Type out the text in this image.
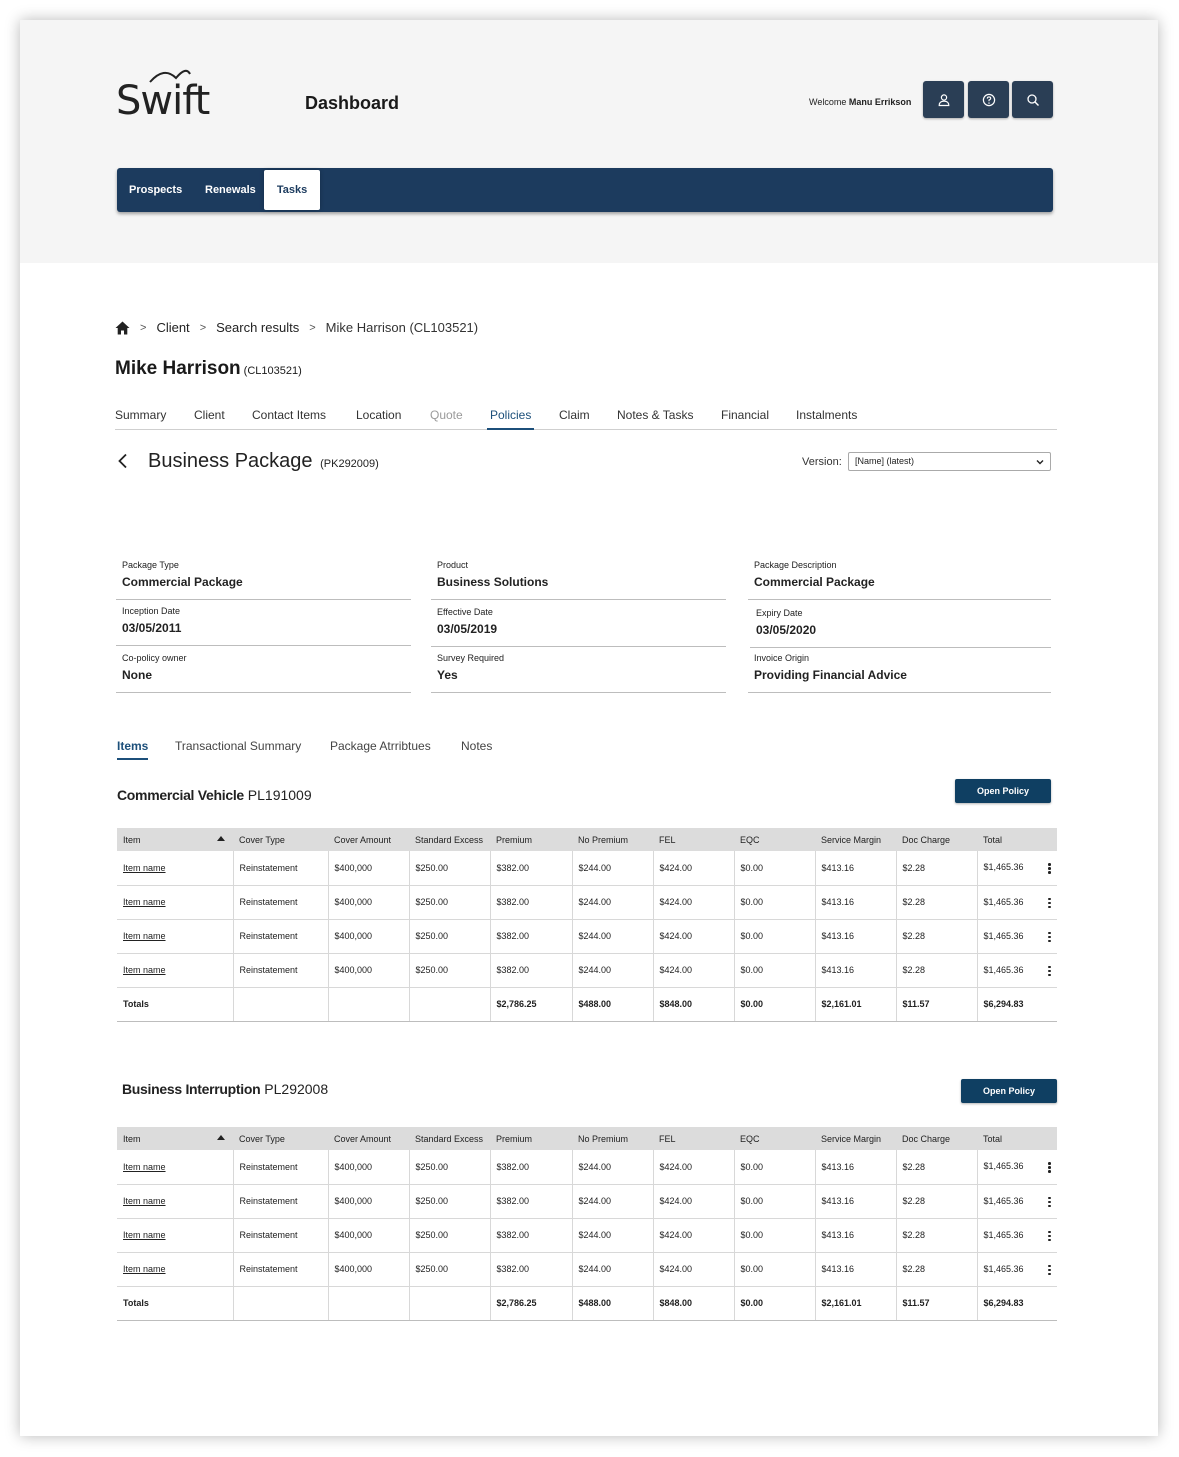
Swift	Dashboard	Welcome Manu Errikson
Prospects Renewals	Tasks
> Client > Search results > Mike Harrison (CL103521)
Mike Harrison (CL103521)
Summary Client Contact Items Location Quote Policies Claim Notes & Tasks Financial Instalments
Business Package (PK292009)	Version:	[Name] (latest)
Package Type
Commercial Package
Product
Business Solutions
Package Description
Commercial Package
Inception Date
03/05/2011
Effective Date
03/05/2019
Expiry Date
03/05/2020
Co-policy owner
None
Survey Required
Yes
Invoice Origin
Providing Financial Advice
Items Transactional Summary Package Atrribtues	Notes
Commercial Vehicle PL191009	Open Policy
Item	Cover Type	Cover Amount	Standard Excess	Premium	No Premium	FEL	EQC	Service Margin	Doc Charge	Total
Item name	Reinstatement	$400,000	$250.00	$382.00	$244.00	$424.00	$0.00	$413.16	$2.28	$1,465.36

Item name	Reinstatement	$400,000	$250.00	$382.00	$244.00	$424.00	$0.00	$413.16	$2.28	$1,465.36

Item name	Reinstatement	$400,000	$250.00	$382.00	$244.00	$424.00	$0.00	$413.16	$2.28	$1,465.36

Item name	Reinstatement	$400,000	$250.00	$382.00	$244.00	$424.00	$0.00	$413.16	$2.28	$1,465.36

Totals				$2,786.25	$488.00	$848.00	$0.00	$2,161.01	$11.57	$6,294.83
Business Interruption PL292008	Open Policy
Item	Cover Type	Cover Amount	Standard Excess	Premium	No Premium	FEL	EQC	Service Margin	Doc Charge	Total
Item name	Reinstatement	$400,000	$250.00	$382.00	$244.00	$424.00	$0.00	$413.16	$2.28	$1,465.36

Item name	Reinstatement	$400,000	$250.00	$382.00	$244.00	$424.00	$0.00	$413.16	$2.28	$1,465.36

Item name	Reinstatement	$400,000	$250.00	$382.00	$244.00	$424.00	$0.00	$413.16	$2.28	$1,465.36

Item name	Reinstatement	$400,000	$250.00	$382.00	$244.00	$424.00	$0.00	$413.16	$2.28	$1,465.36

Totals				$2,786.25	$488.00	$848.00	$0.00	$2,161.01	$11.57	$6,294.83
